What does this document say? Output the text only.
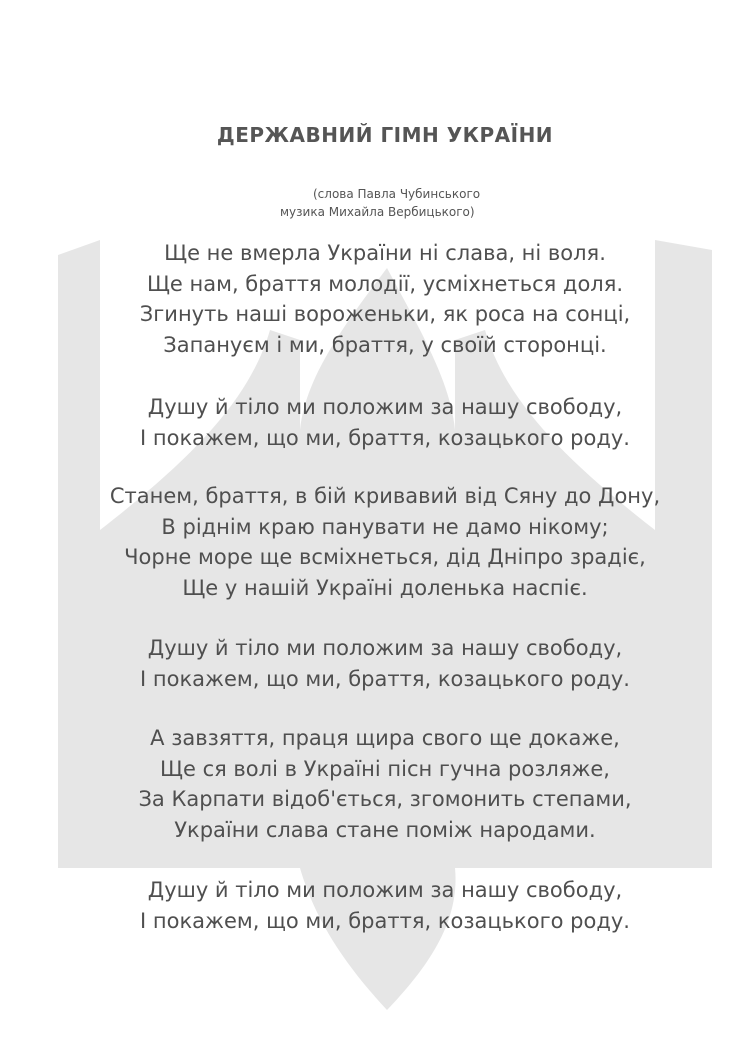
ДЕРЖАВНИЙ ГІМН УКРАЇНИ
(слова Павла Чубинського
музика Михайла Вербицького)
Ще не вмерла України ні слава, ні воля.
Ще нам, браття молодії, усміхнеться доля.
Згинуть наші вороженьки, як роса на сонці,
Запануєм і ми, браття, у своїй сторонці.
Душу й тіло ми положим за нашу свободу,
І покажем, що ми, браття, козацького роду.
Станем, браття, в бій кривавий від Сяну до Дону,
В ріднім краю панувати не дамо нікому;
Чорне море ще всміхнеться, дід Дніпро зрадіє,
Ще у нашій Україні доленька наспіє.
Душу й тіло ми положим за нашу свободу,
І покажем, що ми, браття, козацького роду.
А завзяття, праця щира свого ще докаже,
Ще ся волі в Україні пісн гучна розляже,
За Карпати відоб'ється, згомонить степами,
України слава стане поміж народами.
Душу й тіло ми положим за нашу свободу,
І покажем, що ми, браття, козацького роду.
